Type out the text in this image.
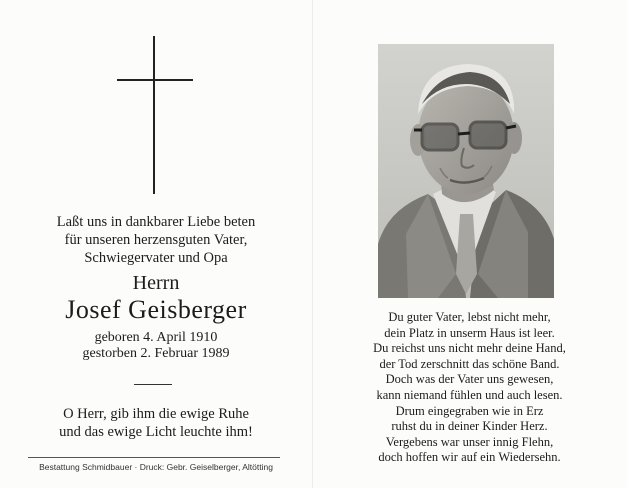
Laßt uns in dankbarer Liebe beten
für unseren herzensguten Vater,
Schwiegervater und Opa
Herrn
Josef Geisberger
geboren 4. April 1910
gestorben 2. Februar 1989
O Herr, gib ihm die ewige Ruhe
und das ewige Licht leuchte ihm!
Bestattung Schmidbauer · Druck: Gebr. Geiselberger, Altötting
Du guter Vater, lebst nicht mehr,
dein Platz in unserm Haus ist leer.
Du reichst uns nicht mehr deine Hand,
der Tod zerschnitt das schöne Band.
Doch was der Vater uns gewesen,
kann niemand fühlen und auch lesen.
Drum eingegraben wie in Erz
ruhst du in deiner Kinder Herz.
Vergebens war unser innig Flehn,
doch hoffen wir auf ein Wiedersehn.
